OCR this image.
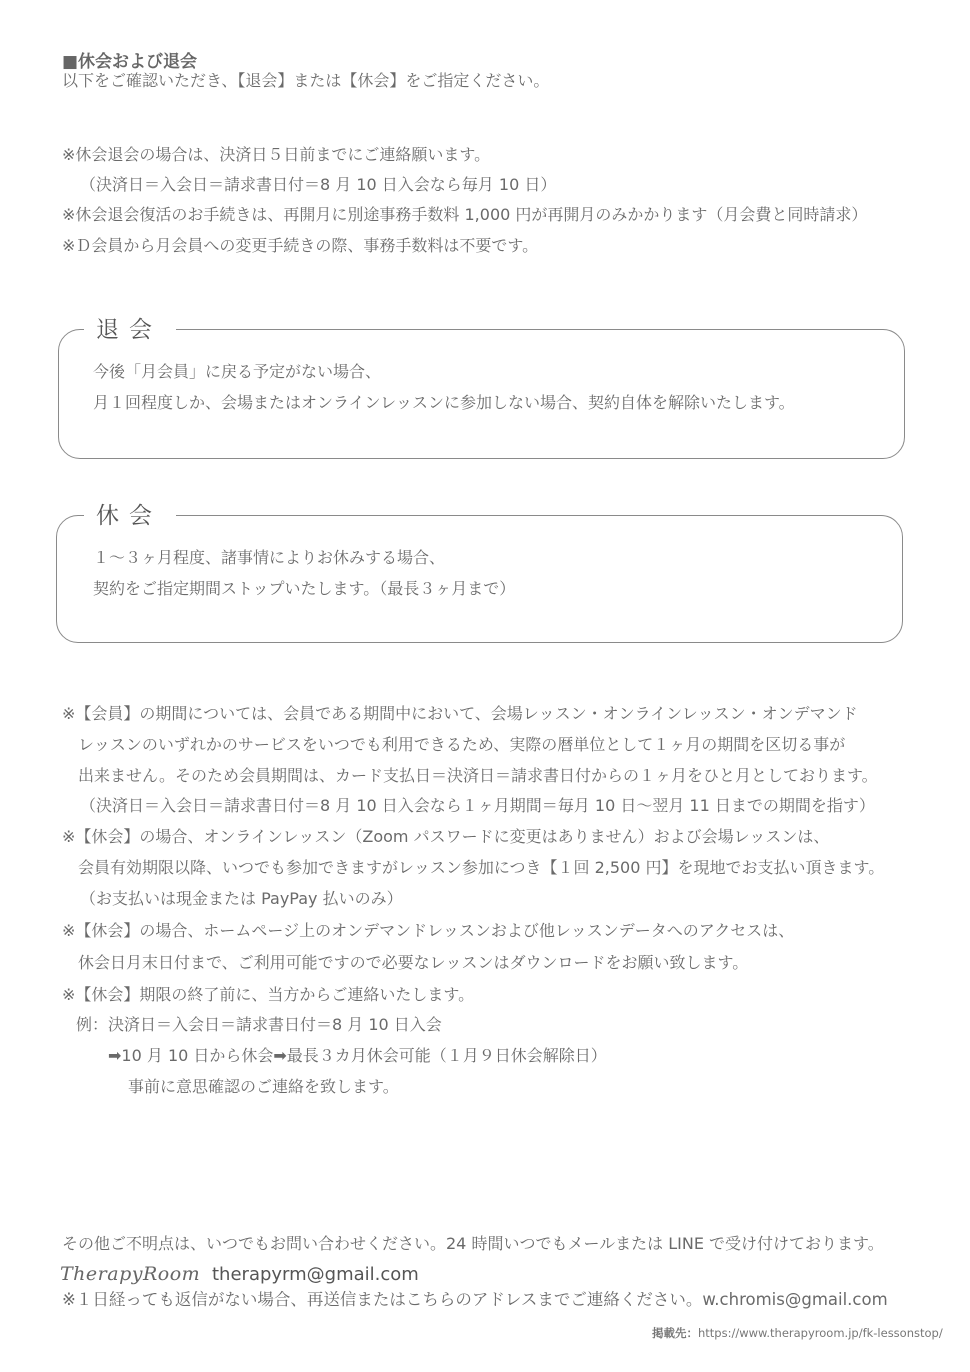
■休会および退会
以下をご確認いただき、【退会】または【休会】をご指定ください。
※休会退会の場合は、決済日５日前までにご連絡願います。
（決済日＝入会日＝請求書日付＝8 月 10 日入会なら毎月 10 日）
※休会退会復活のお手続きは、再開月に別途事務手数料 1,000 円が再開月のみかかります（月会費と同時請求）
※Ｄ会員から月会員への変更手続きの際、事務手数料は不要です。
退会
今後「月会員」に戻る予定がない場合、
月１回程度しか、会場またはオンラインレッスンに参加しない場合、契約自体を解除いたします。
休会
１～３ヶ月程度、諸事情によりお休みする場合、
契約をご指定期間ストップいたします。（最長３ヶ月まで）
※【会員】の期間については、会員である期間中において、会場レッスン・オンラインレッスン・オンデマンド
レッスンのいずれかのサービスをいつでも利用できるため、実際の暦単位として１ヶ月の期間を区切る事が
出来ません。そのため会員期間は、カード支払日＝決済日＝請求書日付からの１ヶ月をひと月としております。
（決済日＝入会日＝請求書日付＝8 月 10 日入会なら１ヶ月期間＝毎月 10 日～翌月 11 日までの期間を指す）
※【休会】の場合、オンラインレッスン（Zoom パスワードに変更はありません）および会場レッスンは、
会員有効期限以降、いつでも参加できますがレッスン参加につき【１回 2,500 円】を現地でお支払い頂きます。
（お支払いは現金または PayPay 払いのみ）
※【休会】の場合、ホームページ上のオンデマンドレッスンおよび他レッスンデータへのアクセスは、
休会日月末日付まで、ご利用可能ですので必要なレッスンはダウンロードをお願い致します。
※【休会】期限の終了前に、当方からご連絡いたします。
例：決済日＝入会日＝請求書日付＝8 月 10 日入会
➡10 月 10 日から休会➡最長３カ月休会可能（１月９日休会解除日）
事前に意思確認のご連絡を致します。
その他ご不明点は、いつでもお問い合わせください。24 時間いつでもメールまたは LINE で受け付けております。
TherapyRoom therapyrm@gmail.com
※１日経っても返信がない場合、再送信またはこちらのアドレスまでご連絡ください。w.chromis@gmail.com
掲載先：https://www.therapyroom.jp/fk-lessonstop/
